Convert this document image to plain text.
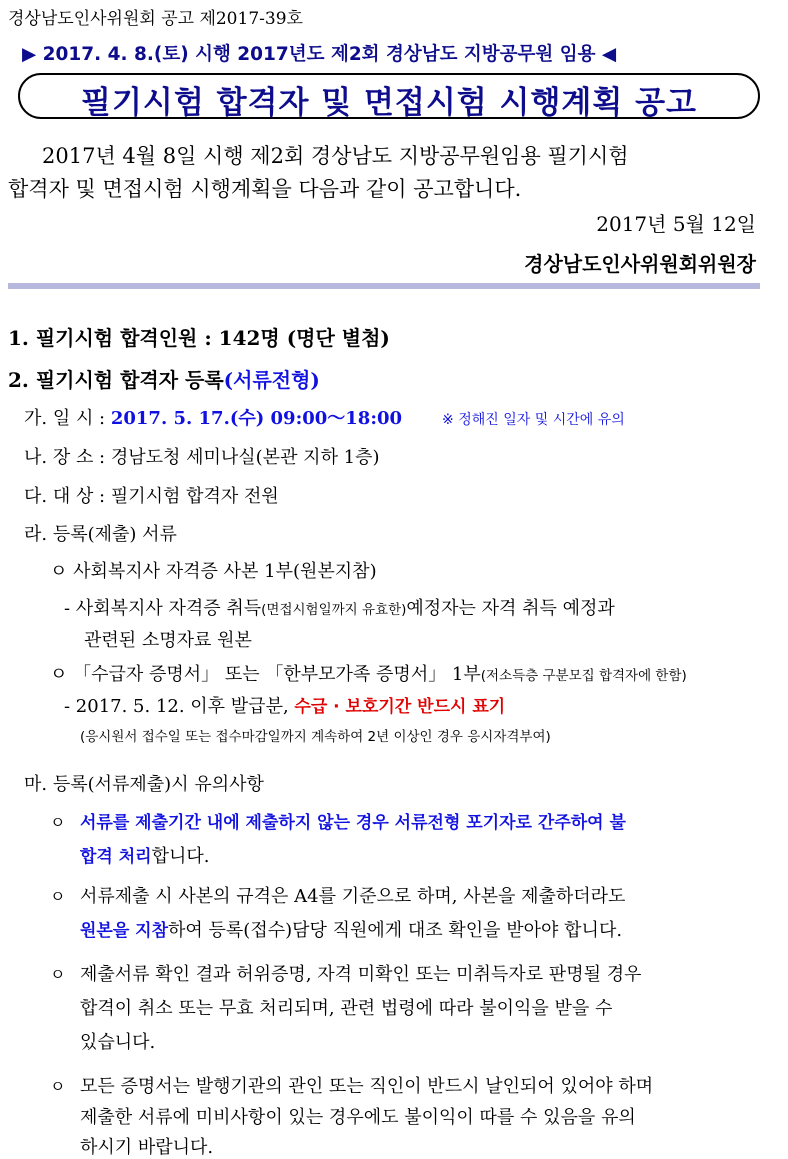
경상남도인사위원회 공고 제2017-39호
▶ 2017. 4. 8.(토) 시행 2017년도 제2회 경상남도 지방공무원 임용 ◀
필기시험 합격자 및 면접시험 시행계획 공고
2017년 4월 8일 시행 제2회 경상남도 지방공무원임용 필기시험
합격자 및 면접시험 시행계획을 다음과 같이 공고합니다.
2017년 5월 12일
경상남도인사위원회위원장
1. 필기시험 합격인원 : 142명 (명단 별첨)
2. 필기시험 합격자 등록(서류전형)
가. 일 시 : 2017. 5. 17.(수) 09:00～18:00	※ 정해진 일자 및 시간에 유의
나. 장 소 : 경남도청 세미나실(본관 지하 1층)
다. 대 상 : 필기시험 합격자 전원
라. 등록(제출) 서류
ㅇ 사회복지사 자격증 사본 1부(원본지참)
- 사회복지사 자격증 취득(면접시험일까지 유효한)예정자는 자격 취득 예정과
관련된 소명자료 원본
ㅇ 「수급자 증명서」 또는 「한부모가족 증명서」 1부(저소득층 구분모집 합격자에 한함)
- 2017. 5. 12. 이후 발급분, 수급 · 보호기간 반드시 표기
(응시원서 접수일 또는 접수마감일까지 계속하여 2년 이상인 경우 응시자격부여)
마. 등록(서류제출)시 유의사항
ㅇ 서류를 제출기간 내에 제출하지 않는 경우 서류전형 포기자로 간주하여 불
합격 처리합니다.
ㅇ 서류제출 시 사본의 규격은 A4를 기준으로 하며, 사본을 제출하더라도
원본을 지참하여 등록(접수)담당 직원에게 대조 확인을 받아야 합니다.
ㅇ 제출서류 확인 결과 허위증명, 자격 미확인 또는 미취득자로 판명될 경우
합격이 취소 또는 무효 처리되며, 관련 법령에 따라 불이익을 받을 수
있습니다.
ㅇ 모든 증명서는 발행기관의 관인 또는 직인이 반드시 날인되어 있어야 하며
제출한 서류에 미비사항이 있는 경우에도 불이익이 따를 수 있음을 유의
하시기 바랍니다.
